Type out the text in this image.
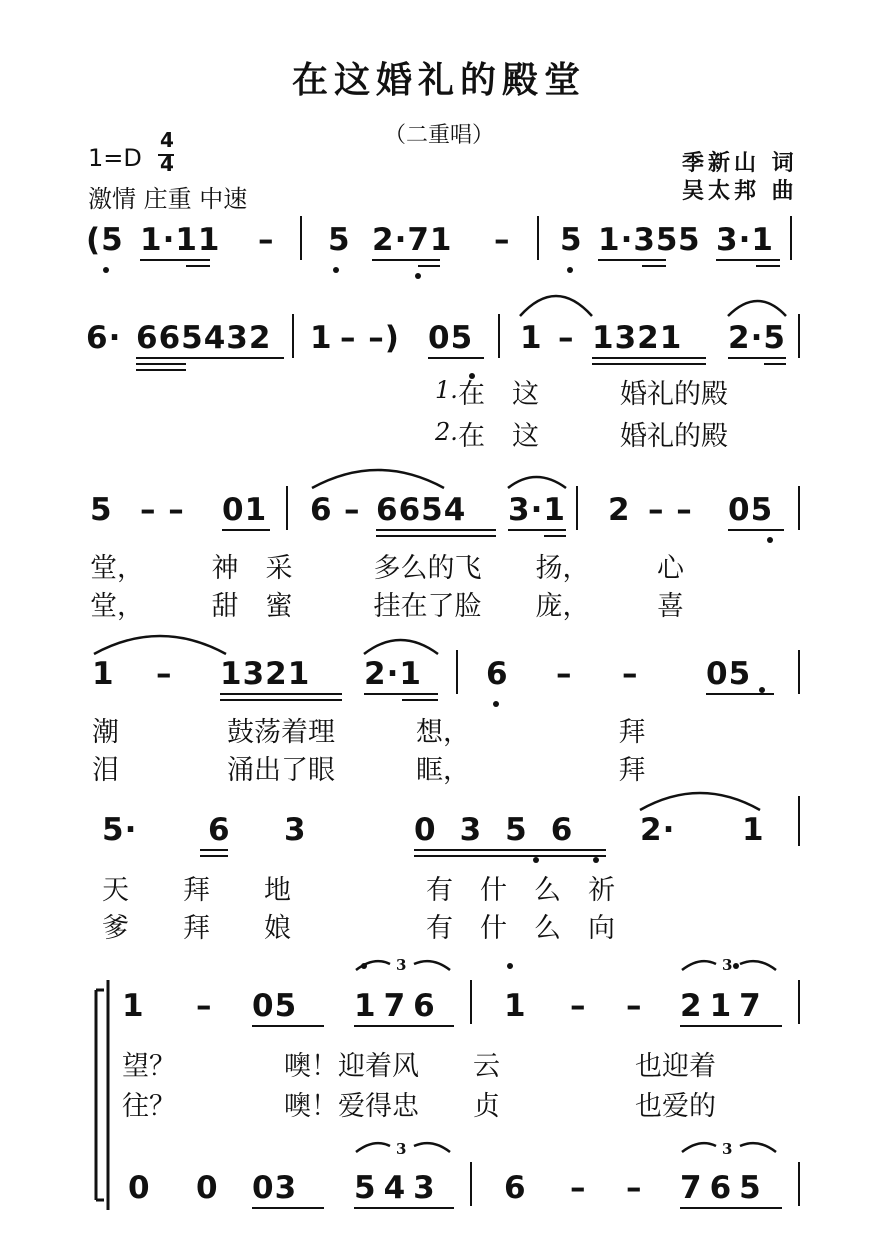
在这婚礼的殿堂
（二重唱）
1=D
4
4
激情 庄重 中速
季新山 词
吴太邦 曲
(5 1·11 – 5 2·71 – 5 1·35 5 3·1
6· 665432 1 – –) 05 1 – 1321 2·5
1. 在　这　　　婚礼的殿
2. 在　这　　　婚礼的殿
5 – – 01 6 – 6654 3·1 2 – – 05
堂，　　　神　采　　　多么的飞　　扬，　　　心
堂，　　　甜　蜜　　　挂在了脸　　庞，　　　喜
1 – 1321 2·1 6 – – 05
潮　　　　鼓荡着理　　　想，　　　　　　拜
泪　　　　涌出了眼　　　眶，　　　　　　拜
5· 6 3	0356 2· 1
天　　拜　　地　　　　　有　什　么　祈
爹　　拜　　娘　　　　　有　什　么　向
1 – 05 176 1 – – 217
3	3
望？　　　　噢！迎着风　　云　　　　　也迎着
往？　　　　噢！爱得忠　　贞　　　　　也爱的
0 0 03 543 6 – – 765
3	3
